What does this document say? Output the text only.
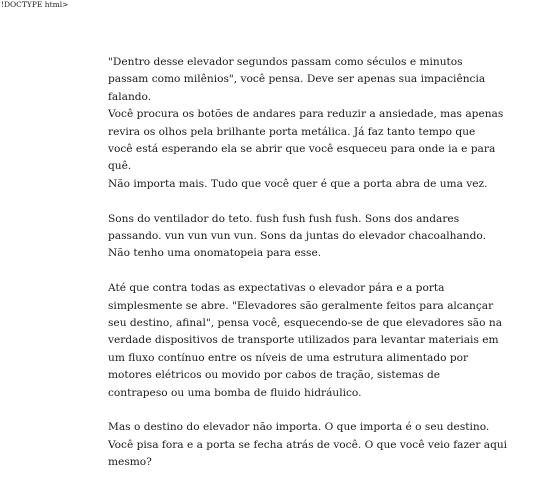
!DOCTYPE html>

"Dentro desse elevador segundos passam como séculos e minutos
passam como milênios", você pensa. Deve ser apenas sua impaciência
falando.
Você procura os botões de andares para reduzir a ansiedade, mas apenas
revira os olhos pela brilhante porta metálica. Já faz tanto tempo que
você está esperando ela se abrir que você esqueceu para onde ia e para
quê.
Não importa mais. Tudo que você quer é que a porta abra de uma vez.

Sons do ventilador do teto. fush fush fush fush. Sons dos andares
passando. vun vun vun vun. Sons da juntas do elevador chacoalhando.
Não tenho uma onomatopeia para esse.

Até que contra todas as expectativas o elevador pára e a porta
simplesmente se abre. "Elevadores são geralmente feitos para alcançar
seu destino, afinal", pensa você, esquecendo-se de que elevadores são na
verdade dispositivos de transporte utilizados para levantar materiais em
um fluxo contínuo entre os níveis de uma estrutura alimentado por
motores elétricos ou movido por cabos de tração, sistemas de
contrapeso ou uma bomba de fluido hidráulico.

Mas o destino do elevador não importa. O que importa é o seu destino.
Você pisa fora e a porta se fecha atrás de você. O que você veio fazer aqui
mesmo?
